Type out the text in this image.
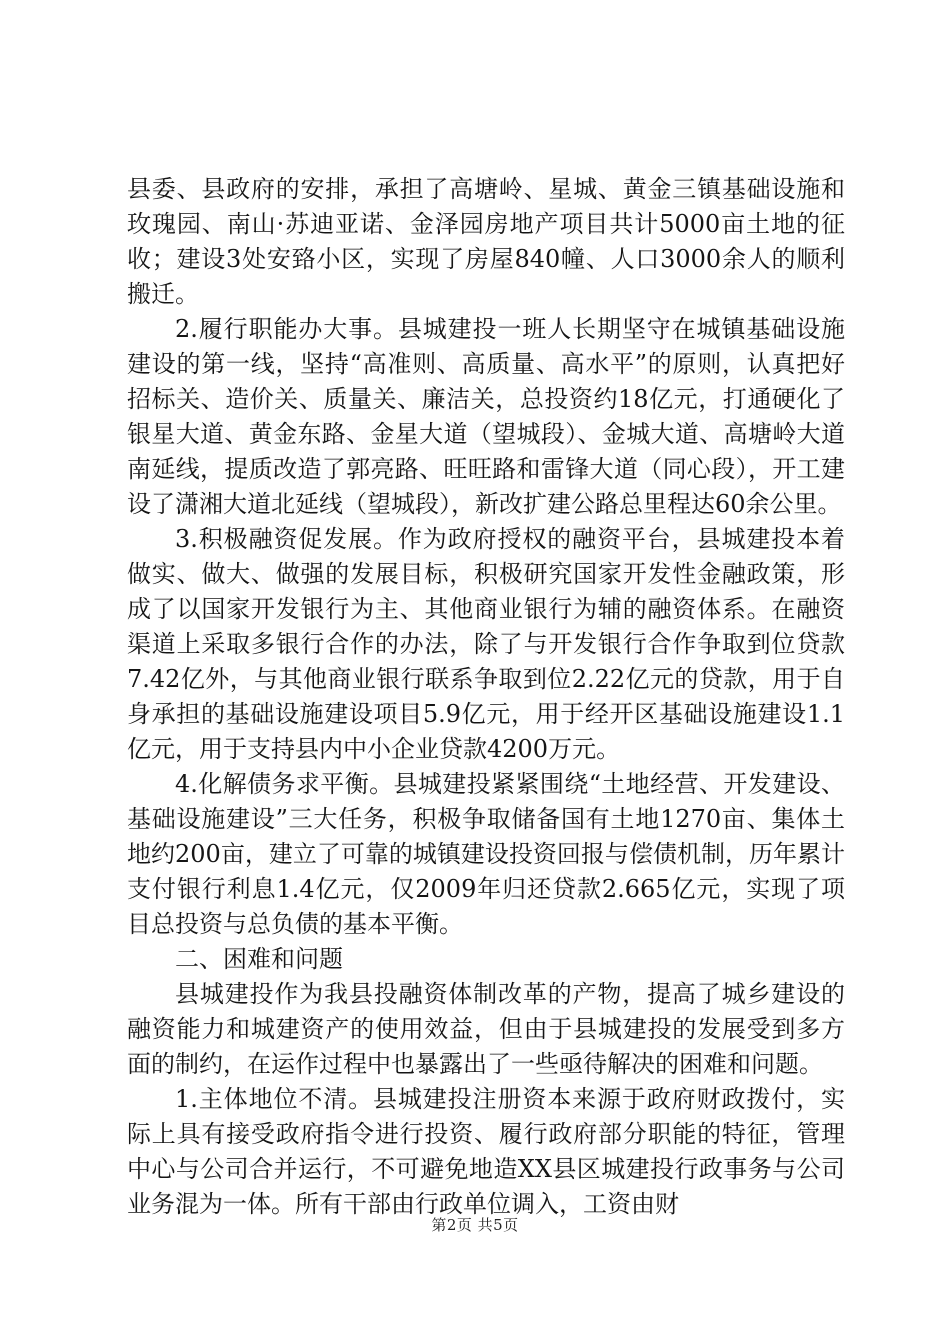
县委、县政府的安排，承担了高塘岭、星城、黄金三镇基础设施和玫瑰园、南山·苏迪亚诺、金泽园房地产项目共计5000亩土地的征收；建设3处安臵小区，实现了房屋840幢、人口3000余人的顺利搬迁。

2.履行职能办大事。县城建投一班人长期坚守在城镇基础设施建设的第一线，坚持“高准则、高质量、高水平”的原则，认真把好招标关、造价关、质量关、廉洁关，总投资约18亿元，打通硬化了银星大道、黄金东路、金星大道（望城段）、金城大道、高塘岭大道南延线，提质改造了郭亮路、旺旺路和雷锋大道（同心段），开工建设了潇湘大道北延线（望城段），新改扩建公路总里程达60余公里。

3.积极融资促发展。作为政府授权的融资平台，县城建投本着做实、做大、做强的发展目标，积极研究国家开发性金融政策，形成了以国家开发银行为主、其他商业银行为辅的融资体系。在融资渠道上采取多银行合作的办法，除了与开发银行合作争取到位贷款7.42亿外，与其他商业银行联系争取到位2.22亿元的贷款，用于自身承担的基础设施建设项目5.9亿元，用于经开区基础设施建设1.1亿元，用于支持县内中小企业贷款4200万元。

4.化解债务求平衡。县城建投紧紧围绕“土地经营、开发建设、基础设施建设”三大任务，积极争取储备国有土地1270亩、集体土地约200亩，建立了可靠的城镇建设投资回报与偿债机制，历年累计支付银行利息1.4亿元，仅2009年归还贷款2.665亿元，实现了项目总投资与总负债的基本平衡。

二、困难和问题

县城建投作为我县投融资体制改革的产物，提高了城乡建设的融资能力和城建资产的使用效益，但由于县城建投的发展受到多方面的制约，在运作过程中也暴露出了一些亟待解决的困难和问题。

1.主体地位不清。县城建投注册资本来源于政府财政拨付，实际上具有接受政府指令进行投资、履行政府部分职能的特征，管理中心与公司合并运行，不可避免地造XX县区城建投行政事务与公司业务混为一体。所有干部由行政单位调入，工资由财

第2页 共5页
